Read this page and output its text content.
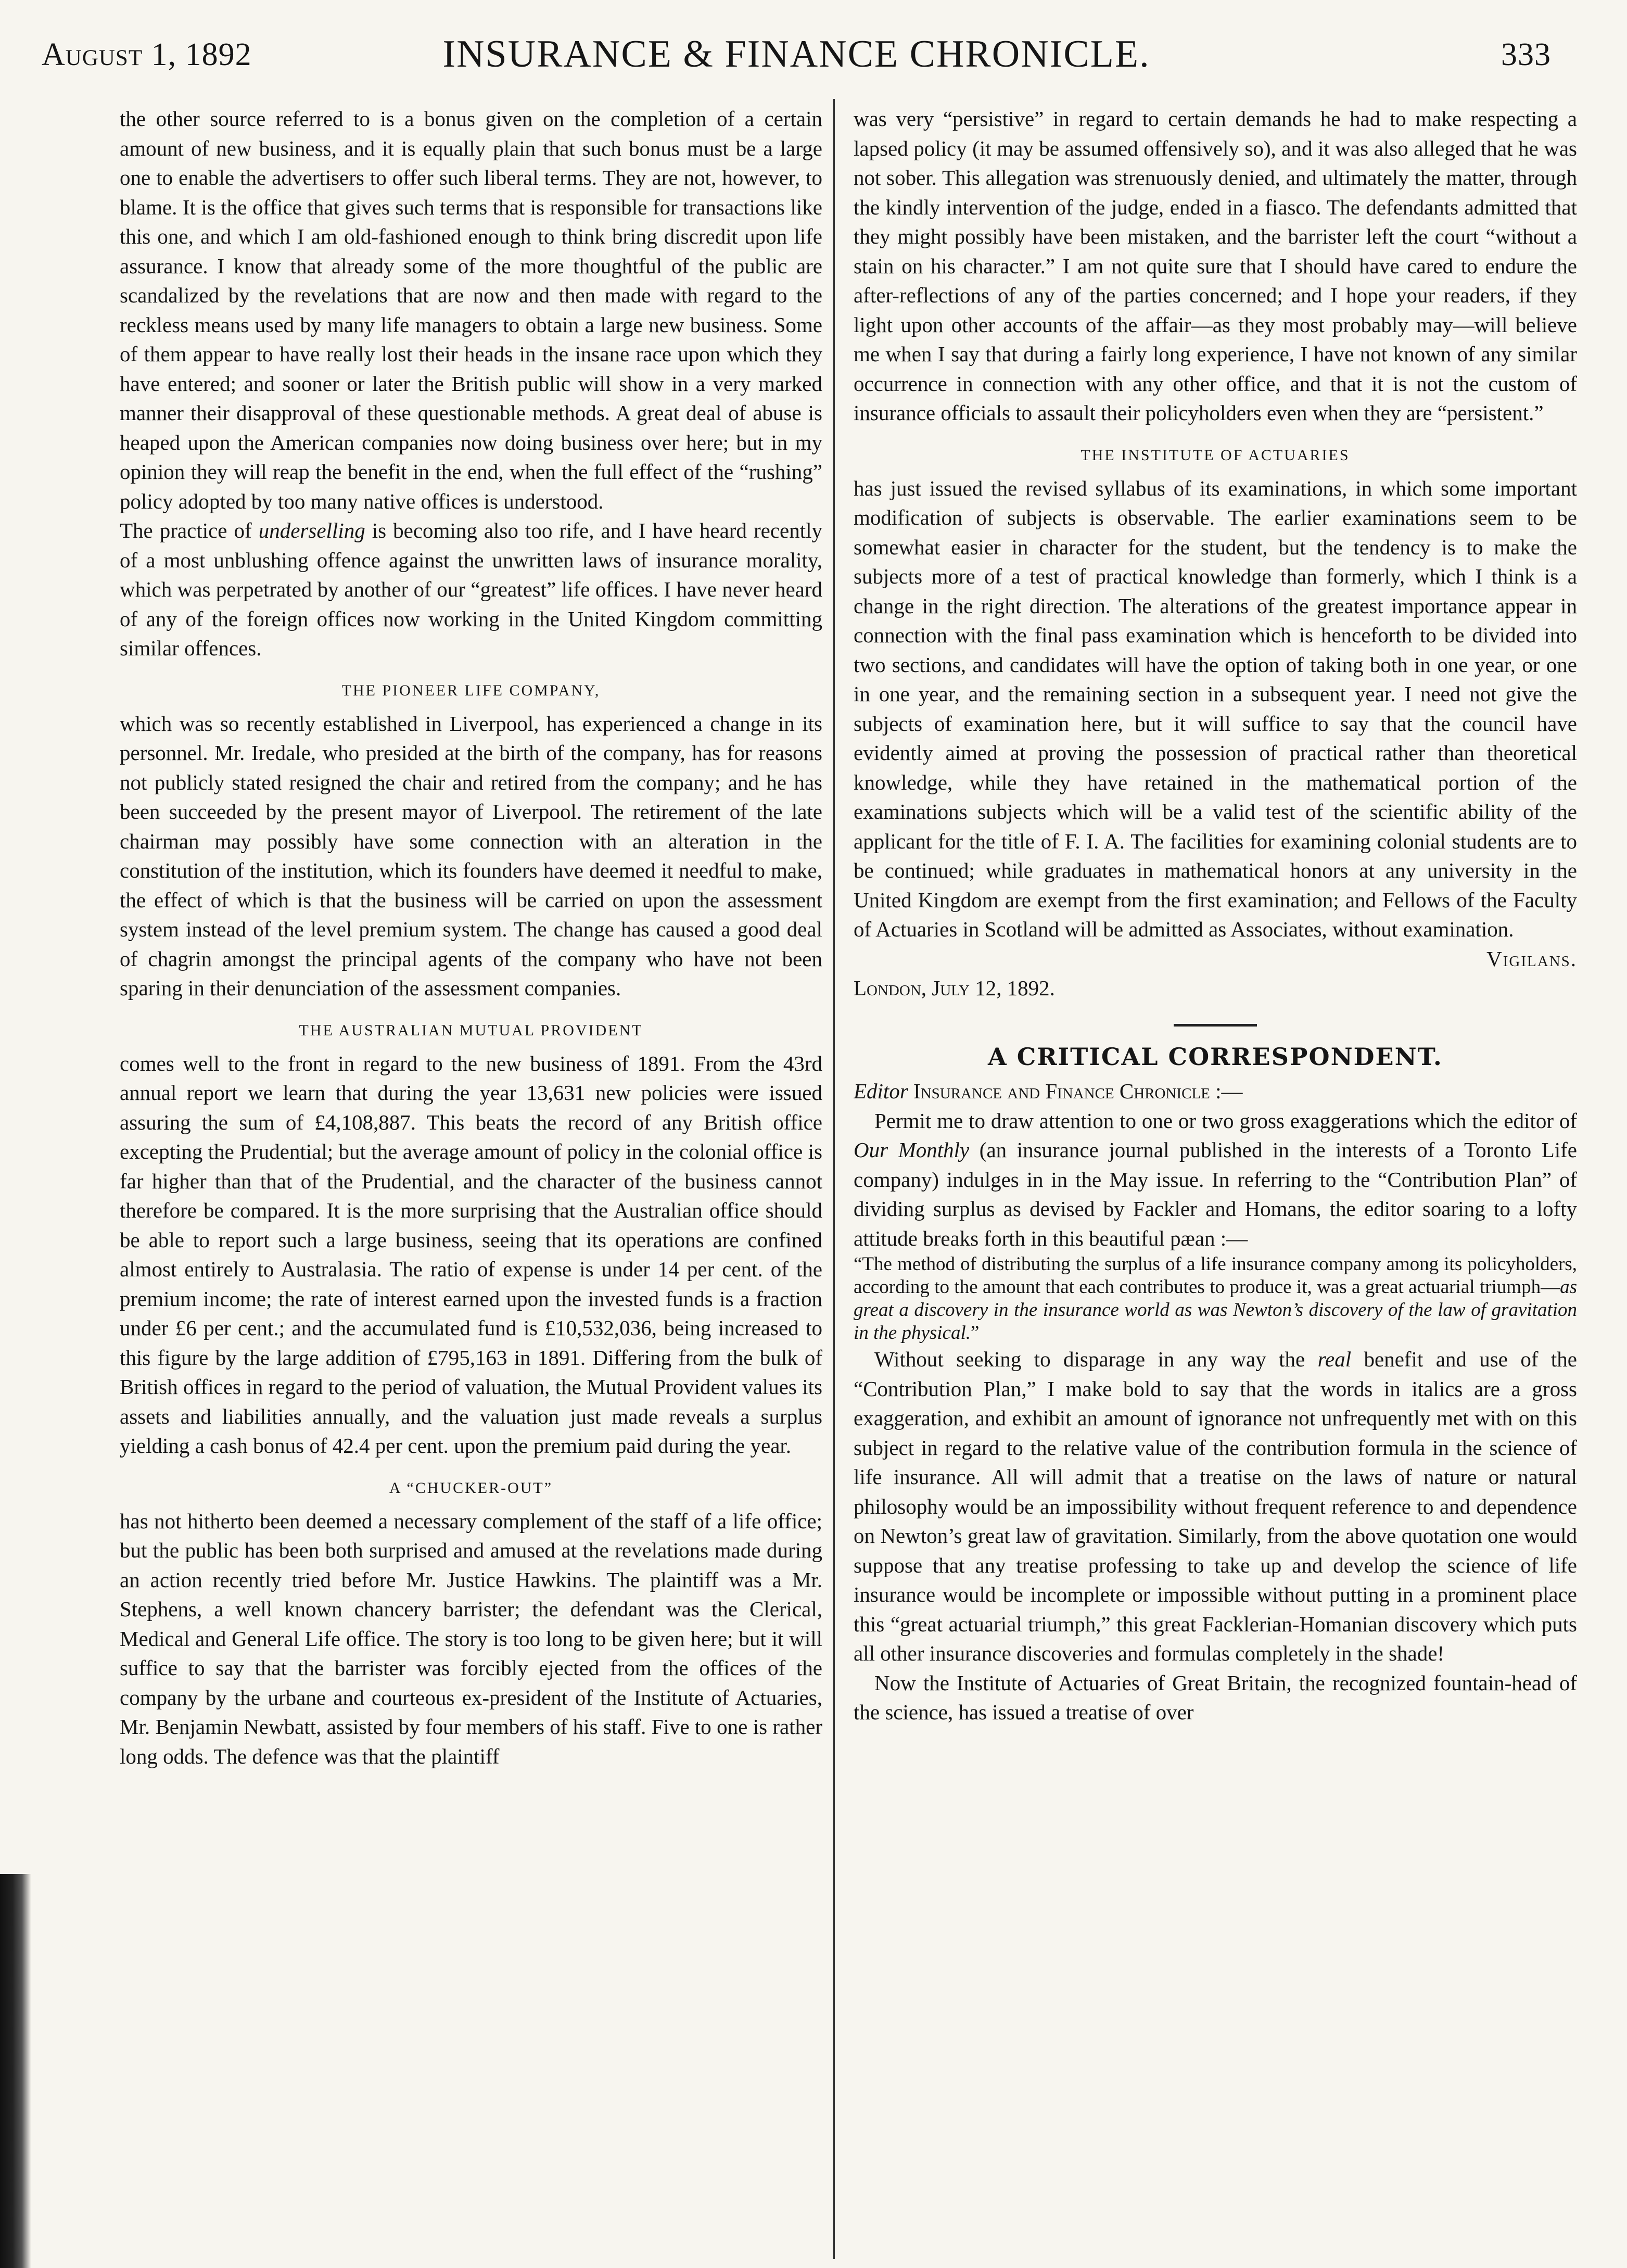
August 1, 1892	INSURANCE & FINANCE CHRONICLE.	333

the other source referred to is a bonus given on the completion of a certain amount of new business, and it is equally plain that such bonus must be a large one to enable the advertisers to offer such liberal terms. They are not, however, to blame. It is the office that gives such terms that is responsible for transactions like this one, and which I am old-fashioned enough to think bring discredit upon life assurance. I know that already some of the more thoughtful of the public are scandalized by the revelations that are now and then made with regard to the reckless means used by many life managers to obtain a large new business. Some of them appear to have really lost their heads in the insane race upon which they have entered; and sooner or later the British public will show in a very marked manner their disapproval of these questionable methods. A great deal of abuse is heaped upon the American companies now doing business over here; but in my opinion they will reap the benefit in the end, when the full effect of the “rushing” policy adopted by too many native offices is understood.

The practice of underselling is becoming also too rife, and I have heard recently of a most unblushing offence against the unwritten laws of insurance morality, which was perpetrated by another of our “greatest” life offices. I have never heard of any of the foreign offices now working in the United Kingdom committing similar offences.

THE PIONEER LIFE COMPANY,

which was so recently established in Liverpool, has experienced a change in its personnel. Mr. Iredale, who presided at the birth of the company, has for reasons not publicly stated resigned the chair and retired from the company; and he has been succeeded by the present mayor of Liverpool. The retirement of the late chairman may possibly have some connection with an alteration in the constitution of the institution, which its founders have deemed it needful to make, the effect of which is that the business will be carried on upon the assessment system instead of the level premium system. The change has caused a good deal of chagrin amongst the principal agents of the company who have not been sparing in their denunciation of the assessment companies.

THE AUSTRALIAN MUTUAL PROVIDENT

comes well to the front in regard to the new business of 1891. From the 43rd annual report we learn that during the year 13,631 new policies were issued assuring the sum of £4,108,887. This beats the record of any British office excepting the Prudential; but the average amount of policy in the colonial office is far higher than that of the Prudential, and the character of the business cannot therefore be compared. It is the more surprising that the Australian office should be able to report such a large business, seeing that its operations are confined almost entirely to Australasia. The ratio of expense is under 14 per cent. of the premium income; the rate of interest earned upon the invested funds is a fraction under £6 per cent.; and the accumulated fund is £10,532,036, being increased to this figure by the large addition of £795,163 in 1891. Differing from the bulk of British offices in regard to the period of valuation, the Mutual Provident values its assets and liabilities annually, and the valuation just made reveals a surplus yielding a cash bonus of 42.4 per cent. upon the premium paid during the year.

A “CHUCKER-OUT”

has not hitherto been deemed a necessary complement of the staff of a life office; but the public has been both surprised and amused at the revelations made during an action recently tried before Mr. Justice Hawkins. The plaintiff was a Mr. Stephens, a well known chancery barrister; the defendant was the Clerical, Medical and General Life office. The story is too long to be given here; but it will suffice to say that the barrister was forcibly ejected from the offices of the company by the urbane and courteous ex-president of the Institute of Actuaries, Mr. Benjamin Newbatt, assisted by four members of his staff. Five to one is rather long odds. The defence was that the plaintiff

was very “persistive” in regard to certain demands he had to make respecting a lapsed policy (it may be assumed offensively so), and it was also alleged that he was not sober. This allegation was strenuously denied, and ultimately the matter, through the kindly intervention of the judge, ended in a fiasco. The defendants admitted that they might possibly have been mistaken, and the barrister left the court “without a stain on his character.” I am not quite sure that I should have cared to endure the after-reflections of any of the parties concerned; and I hope your readers, if they light upon other accounts of the affair—as they most probably may—will believe me when I say that during a fairly long experience, I have not known of any similar occurrence in connection with any other office, and that it is not the custom of insurance officials to assault their policyholders even when they are “persistent.”

THE INSTITUTE OF ACTUARIES

has just issued the revised syllabus of its examinations, in which some important modification of subjects is observable. The earlier examinations seem to be somewhat easier in character for the student, but the tendency is to make the subjects more of a test of practical knowledge than formerly, which I think is a change in the right direction. The alterations of the greatest importance appear in connection with the final pass examination which is henceforth to be divided into two sections, and candidates will have the option of taking both in one year, or one in one year, and the remaining section in a subsequent year. I need not give the subjects of examination here, but it will suffice to say that the council have evidently aimed at proving the possession of practical rather than theoretical knowledge, while they have retained in the mathematical portion of the examinations subjects which will be a valid test of the scientific ability of the applicant for the title of F. I. A. The facilities for examining colonial students are to be continued; while graduates in mathematical honors at any university in the United Kingdom are exempt from the first examination; and Fellows of the Faculty of Actuaries in Scotland will be admitted as Associates, without examination.

Vigilans.

London, July 12, 1892.

A CRITICAL CORRESPONDENT.

Editor Insurance and Finance Chronicle :—

Permit me to draw attention to one or two gross exaggerations which the editor of Our Monthly (an insurance journal published in the interests of a Toronto Life company) indulges in in the May issue. In referring to the “Contribution Plan” of dividing surplus as devised by Fackler and Homans, the editor soaring to a lofty attitude breaks forth in this beautiful pæan :—

“The method of distributing the surplus of a life insurance company among its policyholders, according to the amount that each contributes to produce it, was a great actuarial triumph—as great a discovery in the insurance world as was Newton’s discovery of the law of gravitation in the physical.”

Without seeking to disparage in any way the real benefit and use of the “Contribution Plan,” I make bold to say that the words in italics are a gross exaggeration, and exhibit an amount of ignorance not unfrequently met with on this subject in regard to the relative value of the contribution formula in the science of life insurance. All will admit that a treatise on the laws of nature or natural philosophy would be an impossibility without frequent reference to and dependence on Newton’s great law of gravitation. Similarly, from the above quotation one would suppose that any treatise professing to take up and develop the science of life insurance would be incomplete or impossible without putting in a prominent place this “great actuarial triumph,” this great Facklerian-Homanian discovery which puts all other insurance discoveries and formulas completely in the shade!

Now the Institute of Actuaries of Great Britain, the recognized fountain-head of the science, has issued a treatise of over
